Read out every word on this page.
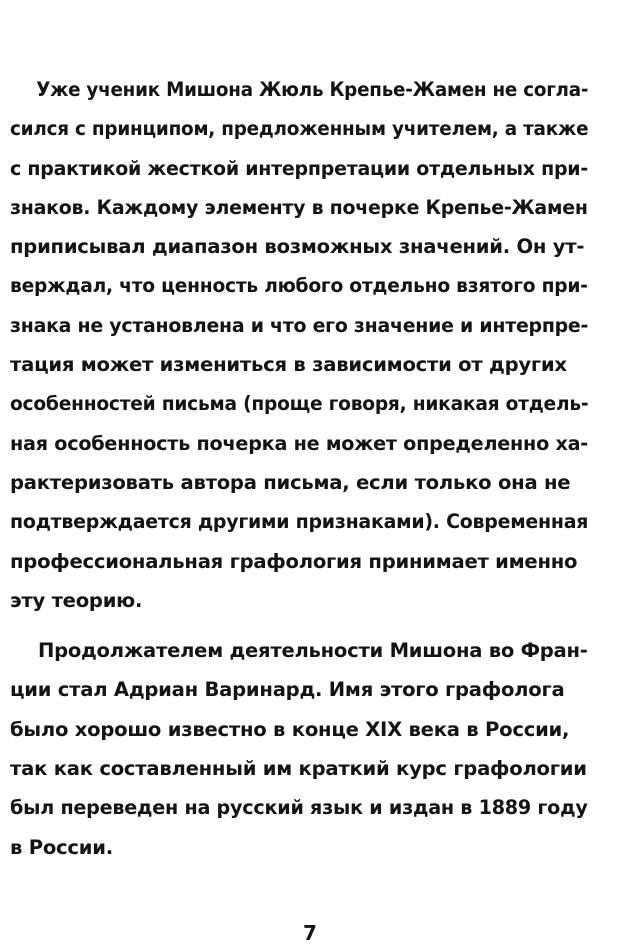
Уже ученик Мишона Жюль Крепье-Жамен не согла-
сился с принципом, предложенным учителем, а также
с практикой жесткой интерпретации отдельных при-
знаков. Каждому элементу в почерке Крепье-Жамен
приписывал диапазон возможных значений. Он ут-
верждал, что ценность любого отдельно взятого при-
знака не установлена и что его значение и интерпре-
тация может измениться в зависимости от других
особенностей письма (проще говоря, никакая отдель-
ная особенность почерка не может определенно ха-
рактеризовать автора письма, если только она не
подтверждается другими признаками). Современная
профессиональная графология принимает именно
эту теорию.
Продолжателем деятельности Мишона во Фран-
ции стал Адриан Варинард. Имя этого графолога
было хорошо известно в конце XIX века в России,
так как составленный им краткий курс графологии
был переведен на русский язык и издан в 1889 году
в России.
7
